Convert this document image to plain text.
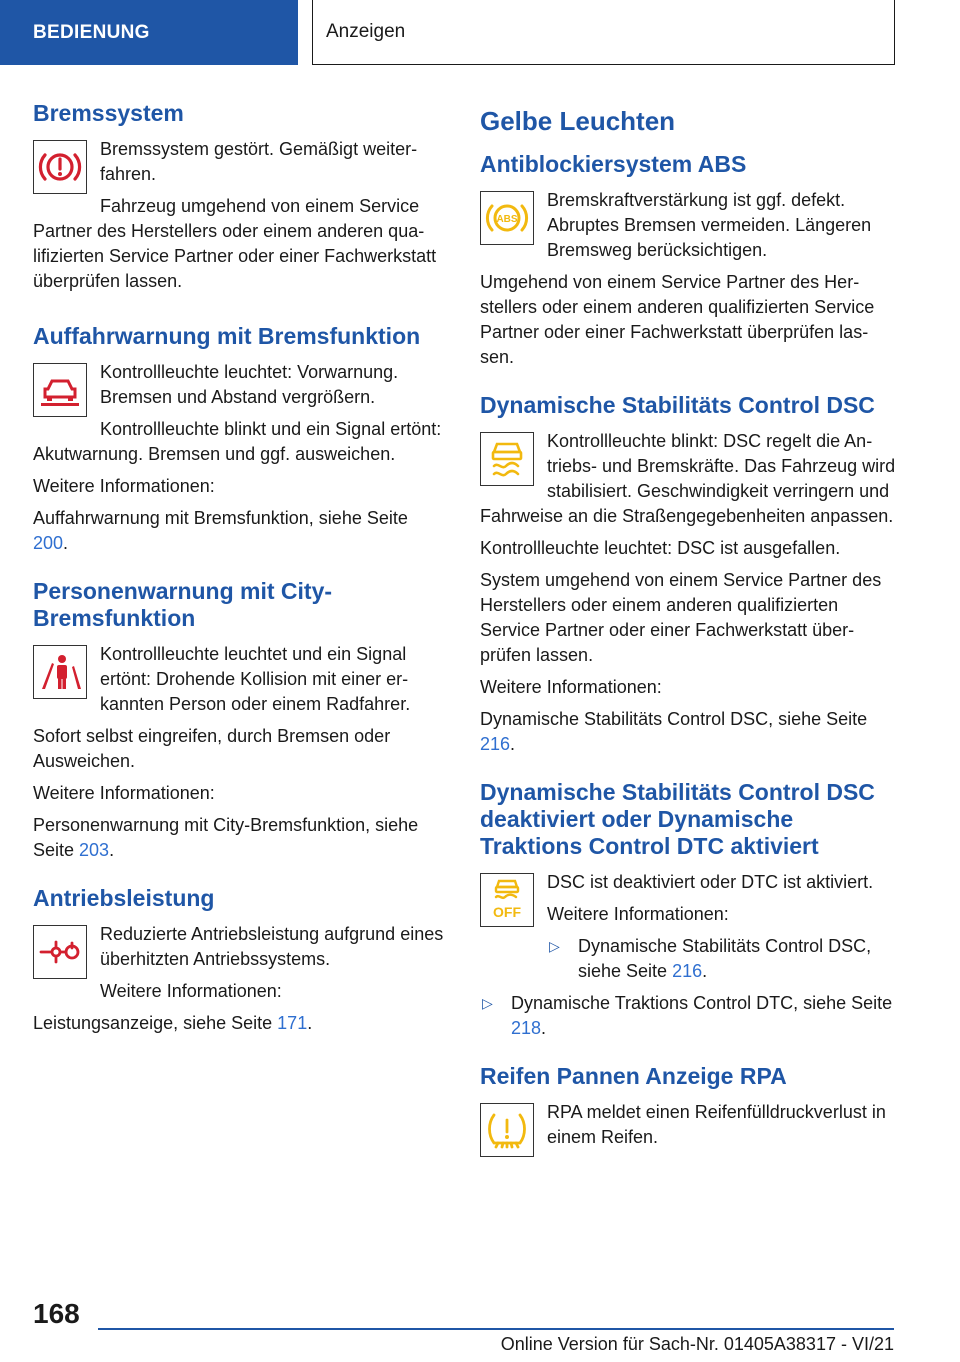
BEDIENUNG	Anzeigen
Bremssystem

Bremssystem gestört. Gemäßigt weiterfahren.

Fahrzeug umgehend von einem Service Partner des Herstellers oder einem anderen qualifizierten Service Partner oder einer Fachwerkstatt überprüfen lassen.

Auffahrwarnung mit Bremsfunktion

Kontrollleuchte leuchtet: Vorwarnung. Bremsen und Abstand vergrößern.

Kontrollleuchte blinkt und ein Signal ertönt: Akutwarnung. Bremsen und ggf. ausweichen.

Weitere Informationen:

Auffahrwarnung mit Bremsfunktion, siehe Seite 200.

Personenwarnung mit City-Bremsfunktion

Kontrollleuchte leuchtet und ein Signal ertönt: Drohende Kollision mit einer erkannten Person oder einem Radfahrer.

Sofort selbst eingreifen, durch Bremsen oder Ausweichen.

Weitere Informationen:

Personenwarnung mit City-Bremsfunktion, siehe Seite 203.

Antriebsleistung

Reduzierte Antriebsleistung aufgrund eines überhitzten Antriebssystems.

Weitere Informationen:

Leistungsanzeige, siehe Seite 171.

Gelbe Leuchten
Antiblockiersystem ABS
ABS

Bremskraftverstärkung ist ggf. defekt. Abruptes Bremsen vermeiden. Längeren Bremsweg berücksichtigen.

Umgehend von einem Service Partner des Herstellers oder einem anderen qualifizierten Service Partner oder einer Fachwerkstatt überprüfen lassen.

Dynamische Stabilitäts Control DSC

Kontrollleuchte blinkt: DSC regelt die Antriebs- und Bremskräfte. Das Fahrzeug wird stabilisiert. Geschwindigkeit verringern und Fahrweise an die Straßengegebenheiten anpassen.

Kontrollleuchte leuchtet: DSC ist ausgefallen.

System umgehend von einem Service Partner des Herstellers oder einem anderen qualifizierten Service Partner oder einer Fachwerkstatt überprüfen lassen.

Weitere Informationen:

Dynamische Stabilitäts Control DSC, siehe Seite 216.

Dynamische Stabilitäts Control DSC deaktiviert oder Dynamische Traktions Control DTC aktiviert
OFF

DSC ist deaktiviert oder DTC ist aktiviert.

Weitere Informationen:

▷	Dynamische Stabilitäts Control DSC, siehe Seite 216.
▷	Dynamische Traktions Control DTC, siehe Seite 218.
Reifen Pannen Anzeige RPA

RPA meldet einen Reifenfülldruckverlust in einem Reifen.

168
Online Version für Sach-Nr. 01405A38317 - VI/21
